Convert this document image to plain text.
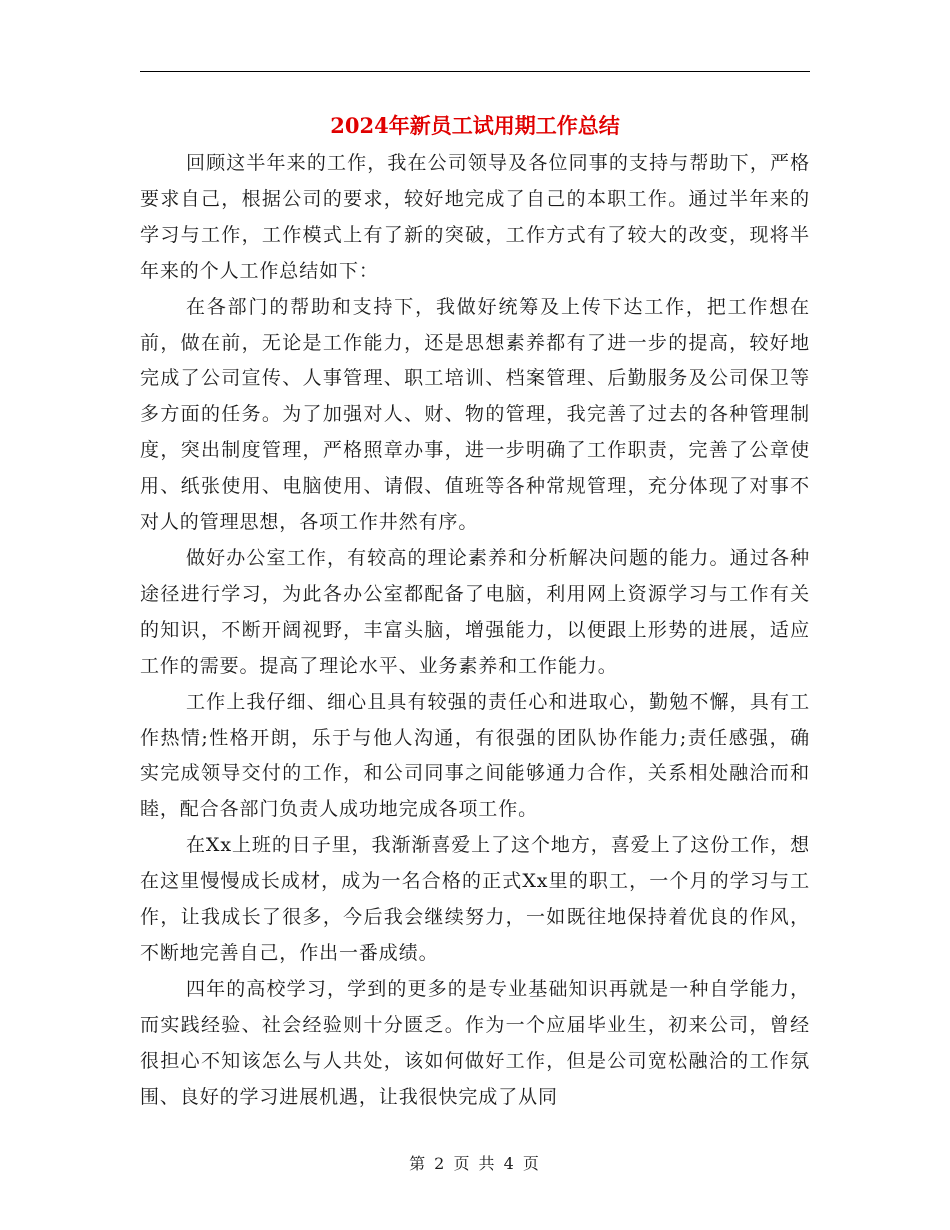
2024年新员工试用期工作总结

回顾这半年来的工作，我在公司领导及各位同事的支持与帮助下，严格要求自己，根据公司的要求，较好地完成了自己的本职工作。通过半年来的学习与工作，工作模式上有了新的突破，工作方式有了较大的改变，现将半年来的个人工作总结如下：

在各部门的帮助和支持下，我做好统筹及上传下达工作，把工作想在前，做在前，无论是工作能力，还是思想素养都有了进一步的提高，较好地完成了公司宣传、人事管理、职工培训、档案管理、后勤服务及公司保卫等多方面的任务。为了加强对人、财、物的管理，我完善了过去的各种管理制度，突出制度管理，严格照章办事，进一步明确了工作职责，完善了公章使用、纸张使用、电脑使用、请假、值班等各种常规管理，充分体现了对事不对人的管理思想，各项工作井然有序。

做好办公室工作，有较高的理论素养和分析解决问题的能力。通过各种途径进行学习，为此各办公室都配备了电脑，利用网上资源学习与工作有关的知识，不断开阔视野，丰富头脑，增强能力，以便跟上形势的进展，适应工作的需要。提高了理论水平、业务素养和工作能力。

工作上我仔细、细心且具有较强的责任心和进取心，勤勉不懈，具有工作热情;性格开朗，乐于与他人沟通，有很强的团队协作能力;责任感强，确实完成领导交付的工作，和公司同事之间能够通力合作，关系相处融洽而和睦，配合各部门负责人成功地完成各项工作。

在Xx上班的日子里，我渐渐喜爱上了这个地方，喜爱上了这份工作，想在这里慢慢成长成材，成为一名合格的正式Xx里的职工，一个月的学习与工作，让我成长了很多，今后我会继续努力，一如既往地保持着优良的作风，不断地完善自己，作出一番成绩。

四年的高校学习，学到的更多的是专业基础知识再就是一种自学能力，而实践经验、社会经验则十分匮乏。作为一个应届毕业生，初来公司，曾经很担心不知该怎么与人共处，该如何做好工作，但是公司宽松融洽的工作氛围、良好的学习进展机遇，让我很快完成了从同

第 2 页 共 4 页
